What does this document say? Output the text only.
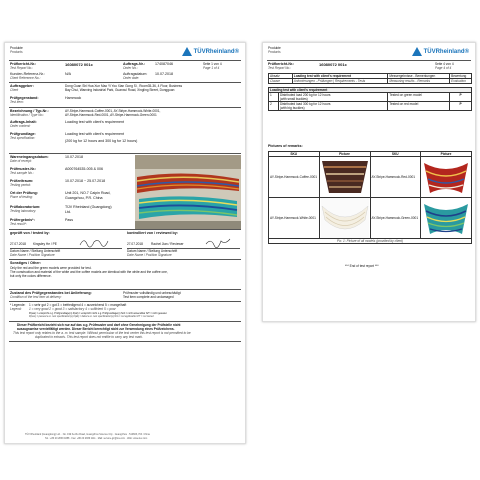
Produkte
Products	TÜVRheinland®
Prüfbericht-Nr.:
Test Report No.:
16080072 001c	Auftrags-Nr.:
Order No.:
174087046	Seite 1 von 4
Page 1 of 4
Kunden-Referenz-Nr.:
Client Reference No.:
N/A	Auftragsdatum:
Order date:
10.07.2018
Auftraggeber:
Client
Dong Guan Shi Hua Xun Mao Yi You Xian Gong Si , Room35-36, 4 Floor, Business
Bay Chui, Wanxing Industrial Park, Guanxul Road, Xingling Street, Dongguan
Prüfgegenstand:
Test item:
Hammock
Bezeichnung / Typ-Nr.:
Identification / Type No.:
AY-Stripe-Hammock-Coffee-0001, AY-Stripe-Hammock-White-0001,
AY-Stripe-Hammock-Red-0001, AY-Stripe-Hammock-Green-0001
Auftrags-Inhalt:
Order content:
Loading test with client's requirement
Prüfgrundlage:
Test specification:
Loading test with client's requirement
(200 kg for 12 hours and 300 kg for 12 hours)
Wareneingangsdatum:
Date of receipt:
10.07.2018
Prüfmuster-Nr.:
Test sample No.:
A000764535-005 & 006
Prüfzeitraum:
Testing period:
10.07.2018 ~ 25.07.2018
Ort der Prüfung:
Place of testing:
Unit 201, NO.7 Caipin Road,
Guangzhou, P.R. China
Prüflaboratorium:
Testing laboratory:
TÜV Rheinland (Guangdong)
Ltd.
Prüfergebnis*:
Test result*:
Pass
geprüft von / tested by:	kontrolliert von / reviewed by:
27.07.2018 Kingsley He / PE	27.07.2018	Rachel Jian / Reviewer
Datum Name / Stellung Unterschrift
Date Name / Position Signature
Datum Name / Stellung Unterschrift
Date Name / Position Signature
Sonstiges / Other:
Only the red and the green models were provided for test.
The construction and material of the white and the coffee models are identical with the white and the coffee one,
but only the colors difference.
Zustand des Prüfgegenstandes bei Anlieferung:
Condition of the test item at delivery:
Prüfmuster vollständig und unbeschädigt
Test item complete and undamaged
* Legende:
Legend:
1 = sehr gut 2 = gut 3 = befriedigend 4 = ausreichend 5 = mangelhaft
1 = very good 2 = good 3 = satisfactory 4 = sufficient 5 = poor
P(ass) = entspricht o.g. Prüfgrundlage(n) F(ail) = entspricht nicht o.g. Prüfgrundlage(n) N/A = nicht anwendbar N/T = nicht getestet
P(ass) = passed a.m. test specification(s) F(ail) = failed a.m. test specification(s) N/A = not applicable N/T = not tested
Dieser Prüfbericht bezieht sich nur auf das o.g. Prüfmuster und darf ohne Genehmigung der Prüfstelle nicht
auszugsweise vervielfältigt werden. Dieser Bericht berechtigt nicht zur Verwendung eines Prüfzeichens.
This test report only relates to the a. m. test sample. Without permission of the test center this test report is not permitted to be
duplicated in extracts. This test report does not entitle to carry any test mark.
TÜV Rheinland (Guangdong) Ltd. · No. 199 Kezhu Road, Guangzhou Science City · Guangzhou · 510663, P.R. China
Tel.: +86 20 2839 1888 · Fax: +86 20 2839 1111 · Mail: service-gz@tuv.com · Web: www.tuv.com
Produkte
Products	TÜVRheinland®
Prüfbericht-Nr.:
Test Report No.:
16080072 001c	Seite 4 von 4
Page 4 of 4
Absatz	Loading test with client's requirement	Messergebnisse - Bemerkungen	Bewertung
Clause	Anforderungen - Prüfungen | Requirements - Tests	Measuring results - Remarks	Evaluation
Loading test with client's requirement			
1	Distributed load 200 kg for 12 hours
(with small buckles)	Tested on green model	P
2	Distributed load 300 kg for 12 hours
(with big buckles)	Tested on red model	P
Pictures of remarks:
SKU	Picture	SKU	Picture
AY-Stripe-Hammock-Coffee-0001		AY-Stripe-Hammock-Red-0001	

AY-Stripe-Hammock-White-0001		AY-Stripe-Hammock-Green-0001	

Pic. 1: Picture of all models (provided by client)			
*** End of test report ***
